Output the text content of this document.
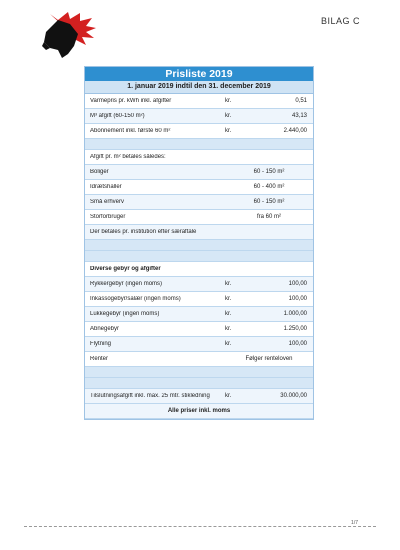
BILAG C
Prisliste 2019
1. januar 2019 indtil den 31. december 2019
Varmepris pr. kWh inkl. afgifter	kr.	0,51
M³ afgift (60-150 m²)	kr.	43,13
Abonnement inkl. første 60 m²	kr.	2.440,00
Afgift pr. m² betales således:
Boliger	60 - 150 m²
Idrætshaller	60 - 400 m²
Små erhverv	60 - 150 m²
Storforbruger	fra 60 m²
Der betales pr. institution efter særaftale
Diverse gebyr og afgifter
Rykkergebyr (ingen moms)	kr.	100,00
Inkassogebyr/salær (ingen moms)	kr.	100,00
Lukkegebyr (ingen moms)	kr.	1.000,00
Åbnegebyr	kr.	1.250,00
Flytning	kr.	100,00
Renter	Følger renteloven
Tilslutningsafgift inkl. max. 25 mtr. stikledning	kr.	30.000,00
Alle priser inkl. moms
1/7
